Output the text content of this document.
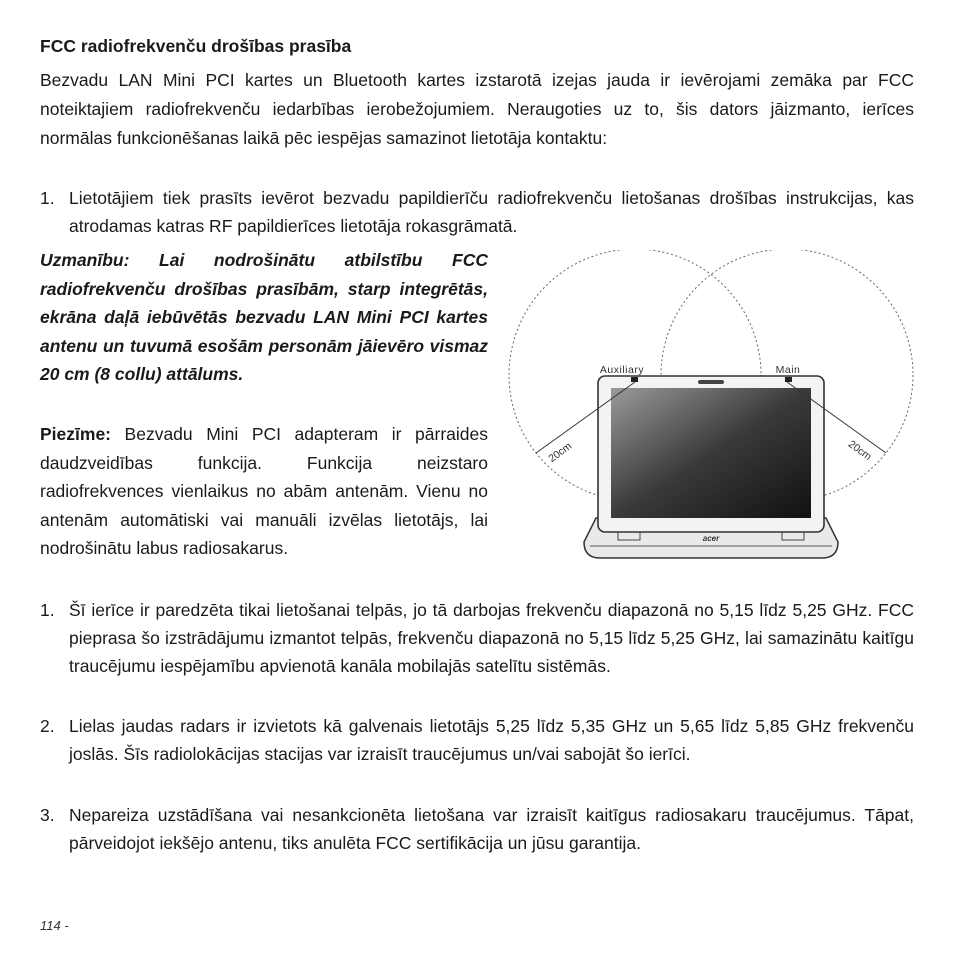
FCC radiofrekvenču drošības prasība
Bezvadu LAN Mini PCI kartes un Bluetooth kartes izstarotā izejas jauda ir ievērojami zemāka par FCC noteiktajiem radiofrekvenču iedarbības ierobežojumiem. Neraugoties uz to, šis dators jāizmanto, ierīces normālas funkcionēšanas laikā pēc iespējas samazinot lietotāja kontaktu:
1. Lietotājiem tiek prasīts ievērot bezvadu papildierīču radiofrekvenču lietošanas drošības instrukcijas, kas atrodamas katras RF papildierīces lietotāja rokasgrāmatā.
Uzmanību: Lai nodrošinātu atbilstību FCC radiofrekvenču drošības prasībām, starp integrētās, ekrāna daļā iebūvētās bezvadu LAN Mini PCI kartes antenu un tuvumā esošām personām jāievēro vismaz 20 cm (8 collu) attālums.
Piezīme: Bezvadu Mini PCI adapteram ir pārraides daudzveidības funkcija. Funkcija neizstaro radiofrekvences vienlaikus no abām antenām. Vienu no antenām automātiski vai manuāli izvēlas lietotājs, lai nodrošinātu labus radiosakarus.	acer
Auxiliary	Main
20cm	20cm
1. Šī ierīce ir paredzēta tikai lietošanai telpās, jo tā darbojas frekvenču diapazonā no 5,15 līdz 5,25 GHz. FCC pieprasa šo izstrādājumu izmantot telpās, frekvenču diapazonā no 5,15 līdz 5,25 GHz, lai samazinātu kaitīgu traucējumu iespējamību apvienotā kanāla mobilajās satelītu sistēmās.
2. Lielas jaudas radars ir izvietots kā galvenais lietotājs 5,25 līdz 5,35 GHz un 5,65 līdz 5,85 GHz frekvenču joslās. Šīs radiolokācijas stacijas var izraisīt traucējumus un/vai sabojāt šo ierīci.
3. Nepareiza uzstādīšana vai nesankcionēta lietošana var izraisīt kaitīgus radiosakaru traucējumus. Tāpat, pārveidojot iekšējo antenu, tiks anulēta FCC sertifikācija un jūsu garantija.
114 -
